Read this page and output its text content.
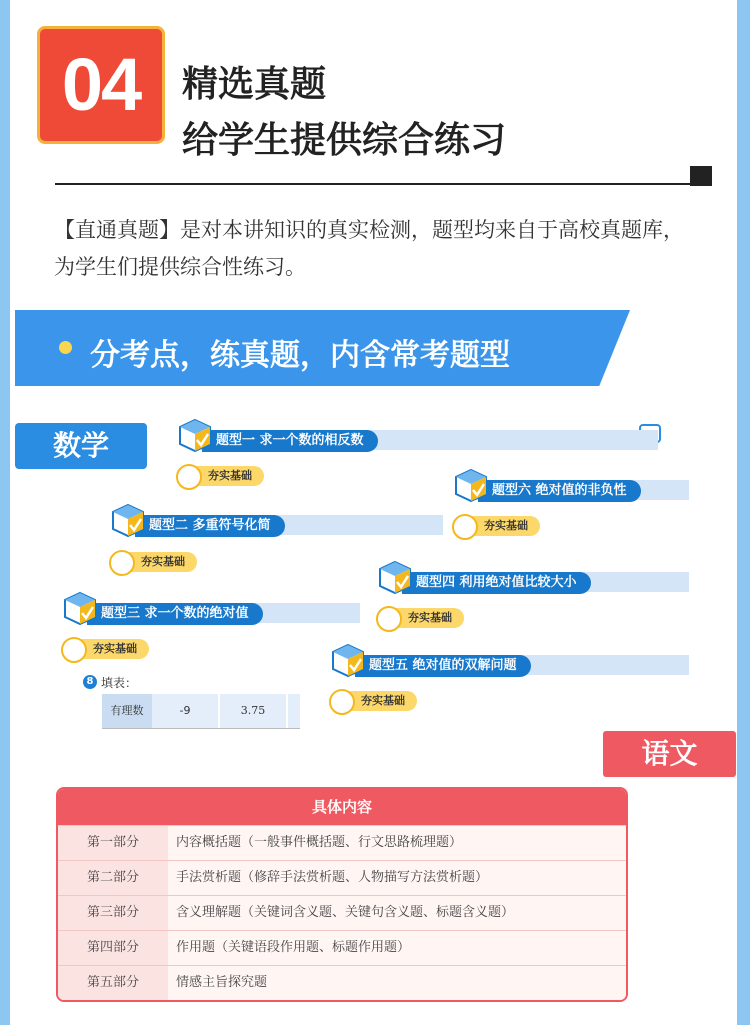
04	精选真题
给学生提供综合练习
【直通真题】是对本讲知识的真实检测，题型均来自于高校真题库，为学生们提供综合性练习。
分考点，练真题，内含常考题型
数学	题型一 求一个数的相反数
夯实基础
题型六 绝对值的非负性
夯实基础
题型二 多重符号化简
夯实基础
题型四 利用绝对值比较大小
夯实基础
题型三 求一个数的绝对值
夯实基础
题型五 绝对值的双解问题
夯实基础
8 填表：
有理数	-9	3.75
语文
具体内容
第一部分	内容概括题（一般事件概括题、行文思路梳理题）
第二部分	手法赏析题（修辞手法赏析题、人物描写方法赏析题）
第三部分	含义理解题（关键词含义题、关键句含义题、标题含义题）
第四部分	作用题（关键语段作用题、标题作用题）
第五部分	情感主旨探究题
